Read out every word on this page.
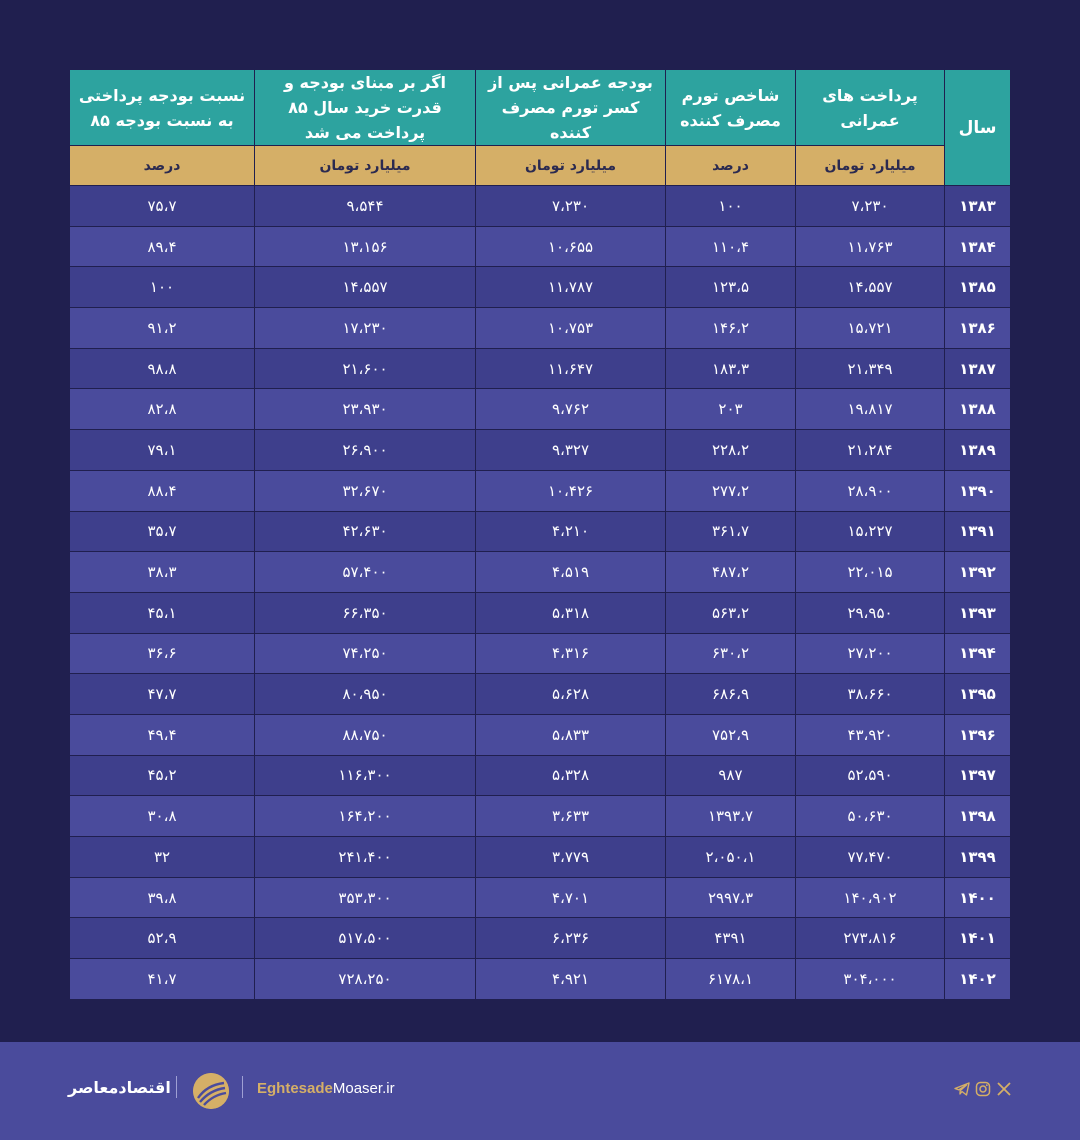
سال	پرداخت های عمرانی	شاخص تورم مصرف کننده	بودجه عمرانی پس از کسر تورم مصرف کننده	اگر بر مبنای بودجه و قدرت خرید سال ۸۵ پرداخت می شد	نسبت بودجه پرداختی به نسبت بودجه ۸۵
	میلیارد تومان	درصد	میلیارد تومان	میلیارد تومان	درصد
۱۳۸۳	۷،۲۳۰	۱۰۰	۷،۲۳۰	۹،۵۴۴	۷۵،۷
۱۳۸۴	۱۱،۷۶۳	۱۱۰،۴	۱۰،۶۵۵	۱۳،۱۵۶	۸۹،۴
۱۳۸۵	۱۴،۵۵۷	۱۲۳،۵	۱۱،۷۸۷	۱۴،۵۵۷	۱۰۰
۱۳۸۶	۱۵،۷۲۱	۱۴۶،۲	۱۰،۷۵۳	۱۷،۲۳۰	۹۱،۲
۱۳۸۷	۲۱،۳۴۹	۱۸۳،۳	۱۱،۶۴۷	۲۱،۶۰۰	۹۸،۸
۱۳۸۸	۱۹،۸۱۷	۲۰۳	۹،۷۶۲	۲۳،۹۳۰	۸۲،۸
۱۳۸۹	۲۱،۲۸۴	۲۲۸،۲	۹،۳۲۷	۲۶،۹۰۰	۷۹،۱
۱۳۹۰	۲۸،۹۰۰	۲۷۷،۲	۱۰،۴۲۶	۳۲،۶۷۰	۸۸،۴
۱۳۹۱	۱۵،۲۲۷	۳۶۱،۷	۴،۲۱۰	۴۲،۶۳۰	۳۵،۷
۱۳۹۲	۲۲،۰۱۵	۴۸۷،۲	۴،۵۱۹	۵۷،۴۰۰	۳۸،۳
۱۳۹۳	۲۹،۹۵۰	۵۶۳،۲	۵،۳۱۸	۶۶،۳۵۰	۴۵،۱
۱۳۹۴	۲۷،۲۰۰	۶۳۰،۲	۴،۳۱۶	۷۴،۲۵۰	۳۶،۶
۱۳۹۵	۳۸،۶۶۰	۶۸۶،۹	۵،۶۲۸	۸۰،۹۵۰	۴۷،۷
۱۳۹۶	۴۳،۹۲۰	۷۵۲،۹	۵،۸۳۳	۸۸،۷۵۰	۴۹،۴
۱۳۹۷	۵۲،۵۹۰	۹۸۷	۵،۳۲۸	۱۱۶،۳۰۰	۴۵،۲
۱۳۹۸	۵۰،۶۳۰	۱۳۹۳،۷	۳،۶۳۳	۱۶۴،۲۰۰	۳۰،۸
۱۳۹۹	۷۷،۴۷۰	۲،۰۵۰،۱	۳،۷۷۹	۲۴۱،۴۰۰	۳۲
۱۴۰۰	۱۴۰،۹۰۲	۲۹۹۷،۳	۴،۷۰۱	۳۵۳،۳۰۰	۳۹،۸
۱۴۰۱	۲۷۳،۸۱۶	۴۳۹۱	۶،۲۳۶	۵۱۷،۵۰۰	۵۲،۹
۱۴۰۲	۳۰۴،۰۰۰	۶۱۷۸،۱	۴،۹۲۱	۷۲۸،۲۵۰	۴۱،۷
اقتصادمعاصر	EghtesadeMoaser.ir
